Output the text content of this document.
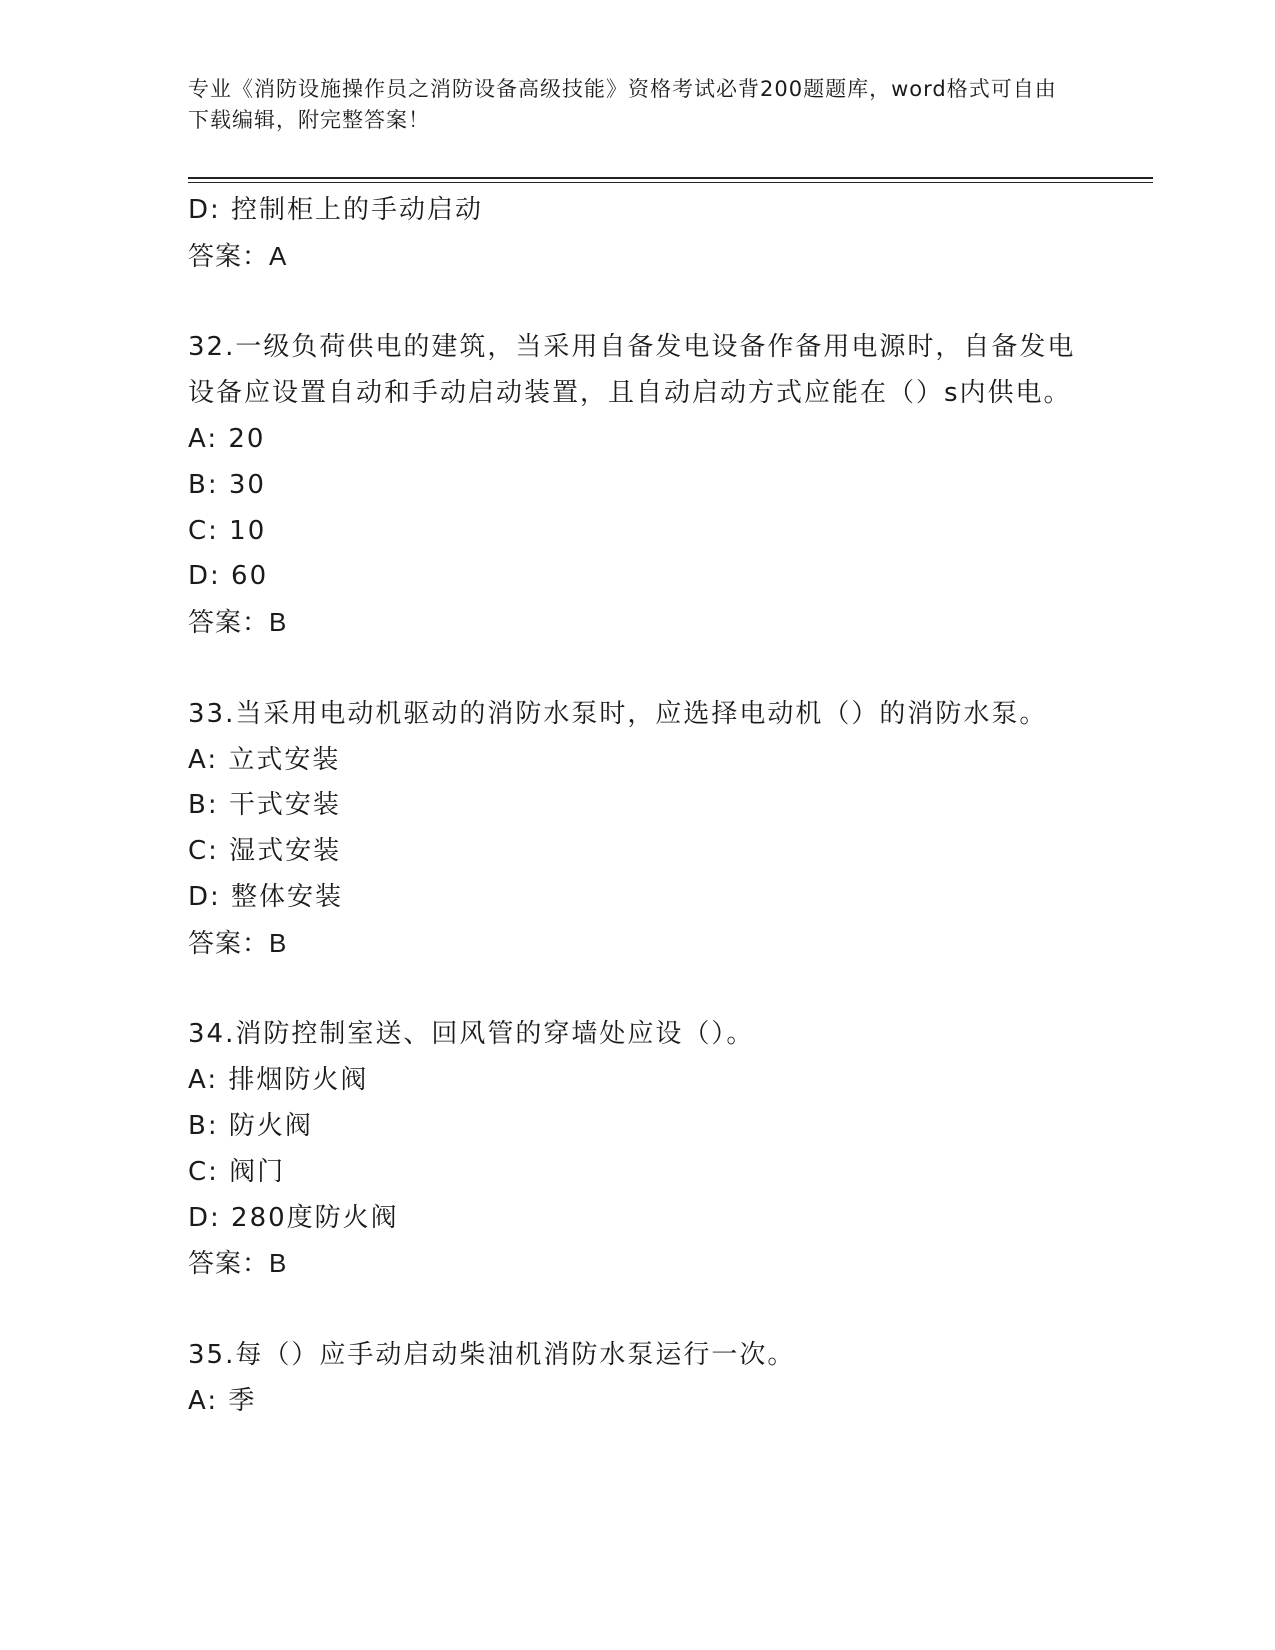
专业《消防设施操作员之消防设备高级技能》资格考试必背200题题库，word格式可自由下载编辑，附完整答案！
D: 控制柜上的手动启动
答案：A
32.一级负荷供电的建筑，当采用自备发电设备作备用电源时，自备发电设备应设置自动和手动启动装置，且自动启动方式应能在（）s内供电。
A: 20
B: 30
C: 10
D: 60
答案：B
33.当采用电动机驱动的消防水泵时，应选择电动机（）的消防水泵。
A: 立式安装
B: 干式安装
C: 湿式安装
D: 整体安装
答案：B
34.消防控制室送、回风管的穿墙处应设（）。
A: 排烟防火阀
B: 防火阀
C: 阀门
D: 280度防火阀
答案：B
35.每（）应手动启动柴油机消防水泵运行一次。
A: 季
